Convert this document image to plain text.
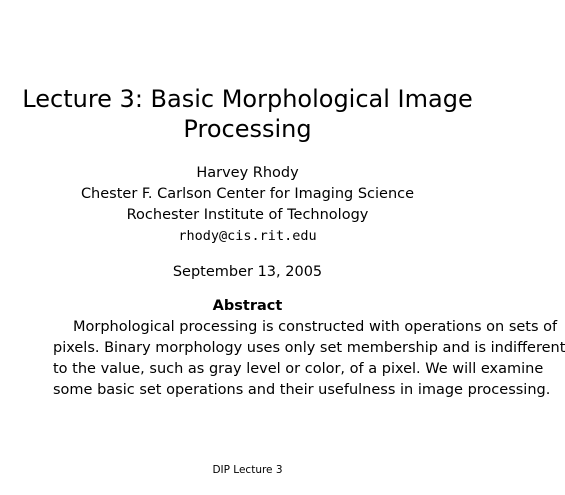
Lecture 3: Basic Morphological Image
Processing
Harvey Rhody
Chester F. Carlson Center for Imaging Science
Rochester Institute of Technology
rhody@cis.rit.edu
September 13, 2005
Abstract
Morphological processing is constructed with operations on sets of
pixels. Binary morphology uses only set membership and is indifferent
to the value, such as gray level or color, of a pixel. We will examine
some basic set operations and their usefulness in image processing.
DIP Lecture 3
